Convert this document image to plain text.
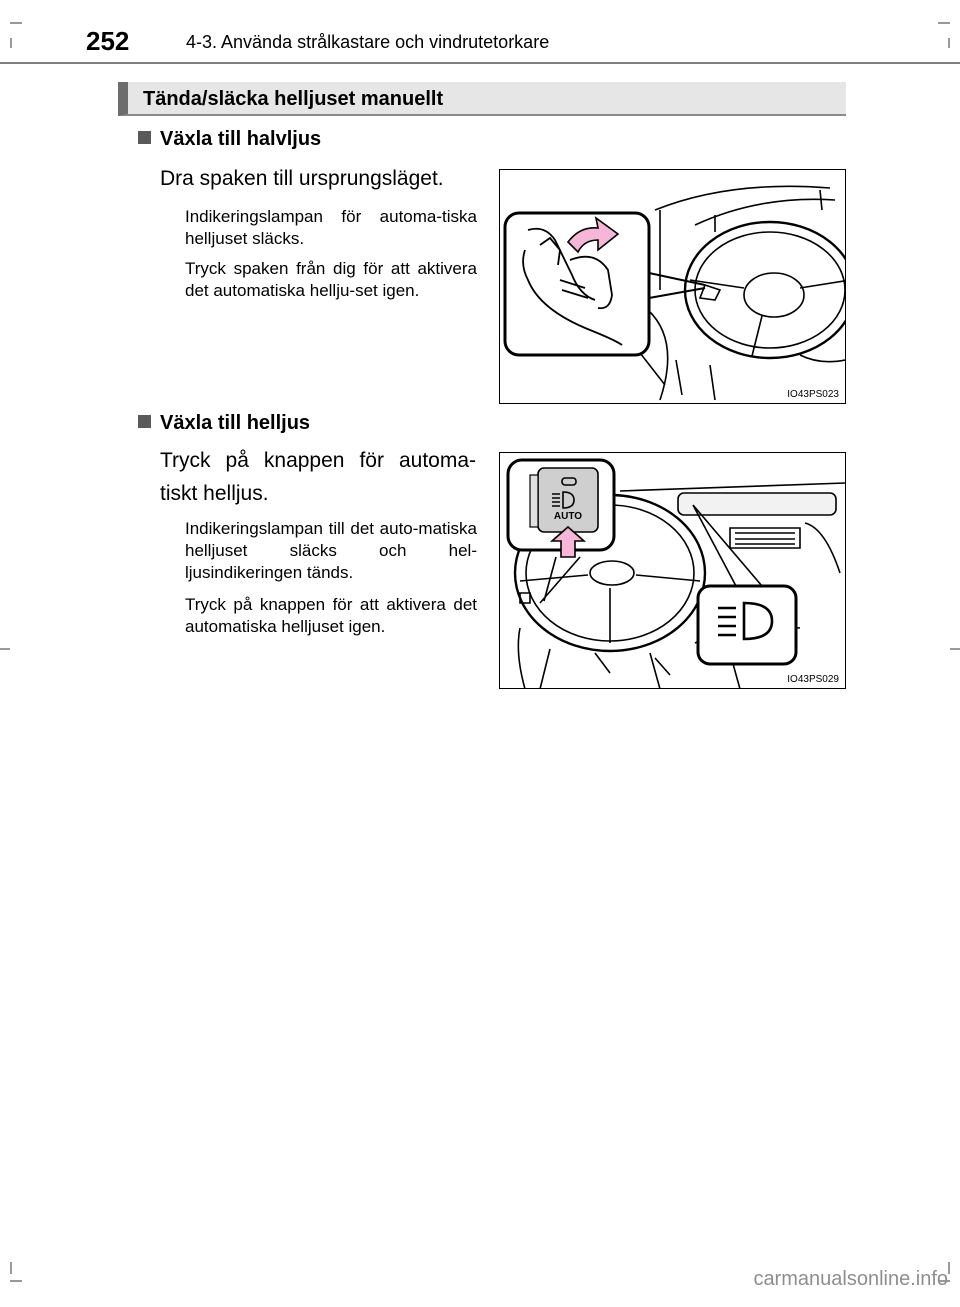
252	4-3. Använda strålkastare och vindrutetorkare
Tända/släcka helljuset manuellt
Växla till halvljus
Dra spaken till ursprungsläget.
Indikeringslampan för automa-tiska helljuset släcks.
Tryck spaken från dig för att aktivera det automatiska hellju-set igen.
IO43PS023
Växla till helljus
Tryck på knappen för automa-tiskt helljus.
Indikeringslampan till det auto-matiska helljuset släcks och hel-ljusindikeringen tänds.
Tryck på knappen för att aktivera det automatiska helljuset igen.
AUTO
IO43PS029
carmanualsonline.info
